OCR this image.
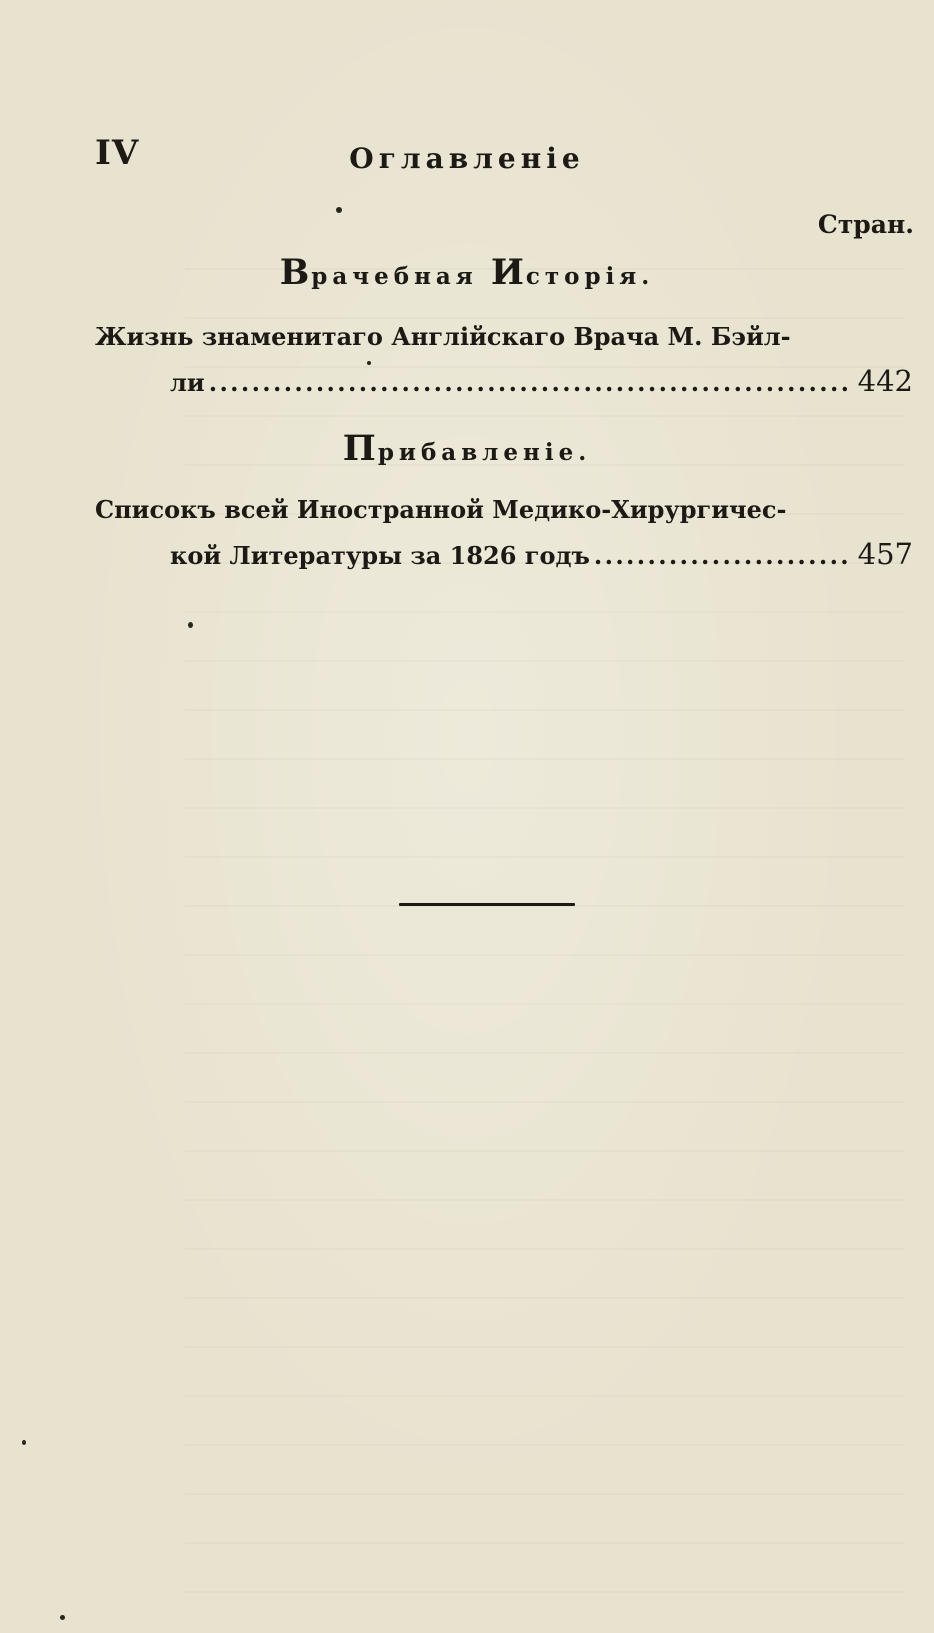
IV	Оглавленіе
Стран.
Врачебная Исторія.
Жизнь знаменитаго Англійскаго Врача М. Бэйл-
ли . . .	442
Прибавленіе.
Списокъ всей Иностранной Медико-Хирургичес-
кой Литературы за 1826 годъ . . .	457
